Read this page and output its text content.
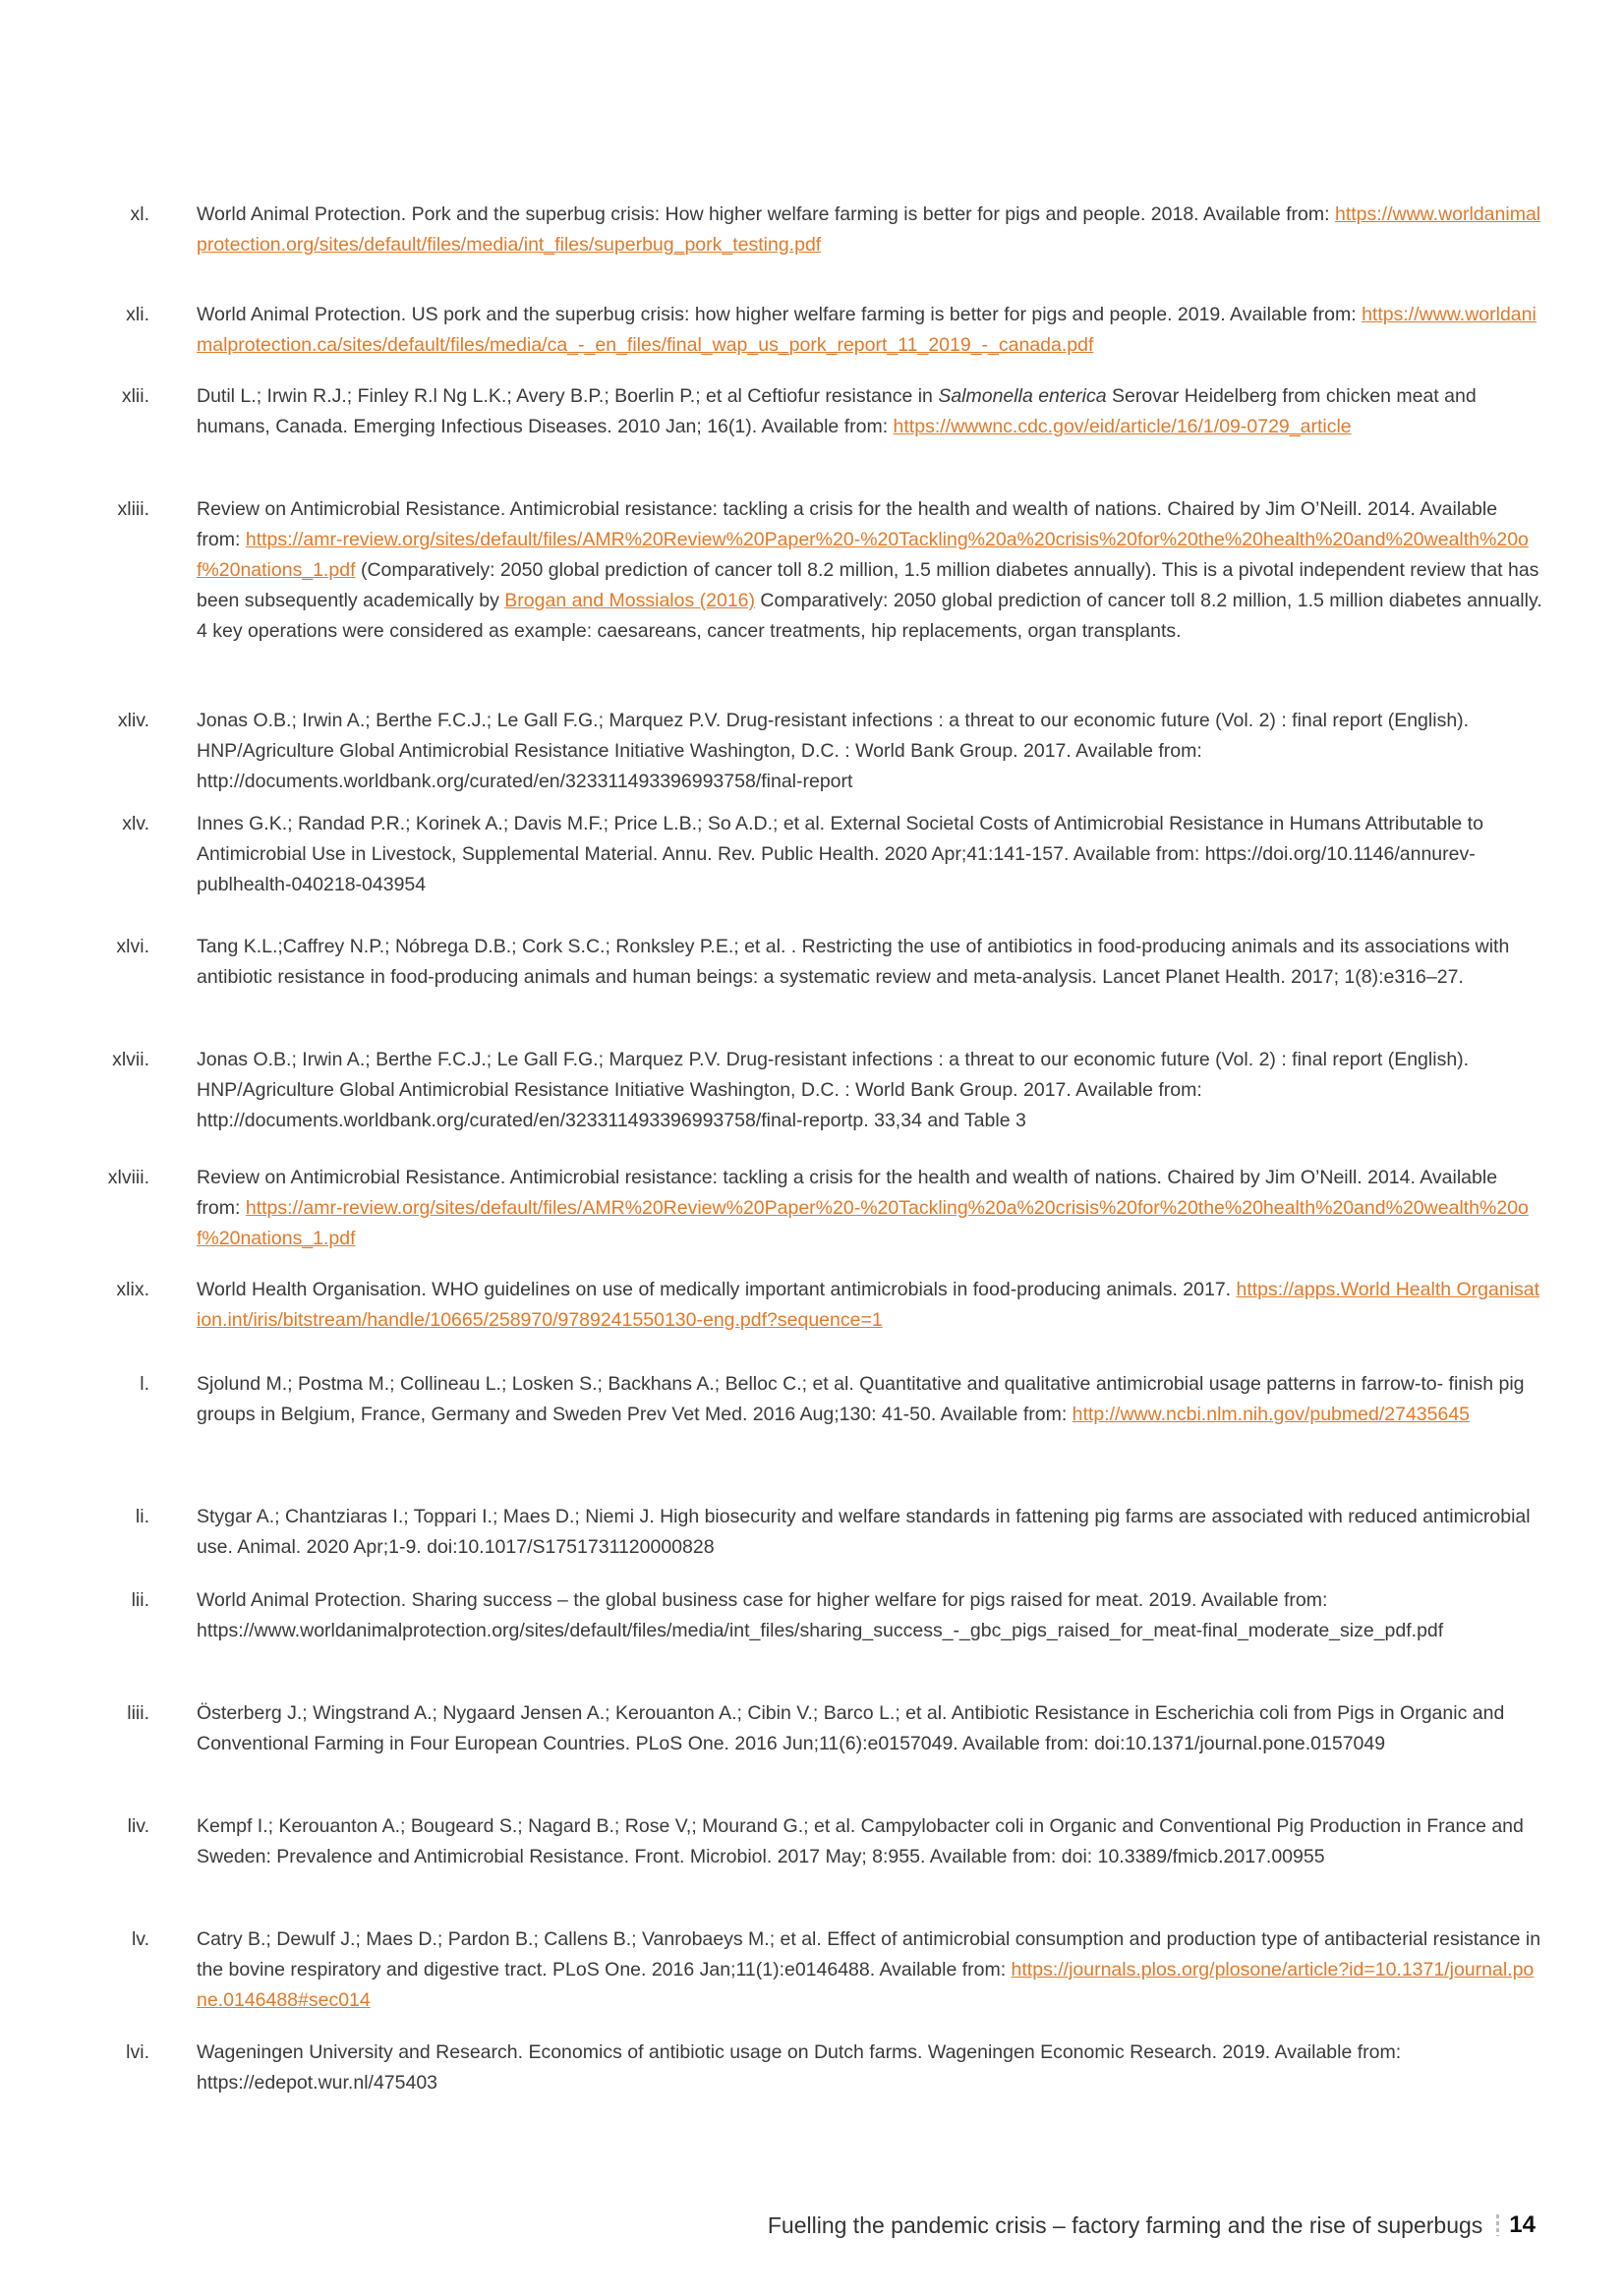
xl. World Animal Protection. Pork and the superbug crisis: How higher welfare farming is better for pigs and people. 2018. Available from: https://www.worldanimalprotection.org/sites/default/files/media/int_files/superbug_pork_testing.pdf
xli. World Animal Protection. US pork and the superbug crisis: how higher welfare farming is better for pigs and people. 2019. Available from: https://www.worldanimalprotection.ca/sites/default/files/media/ca_-_en_files/final_wap_us_pork_report_11_2019_-_canada.pdf
xlii. Dutil L.; Irwin R.J.; Finley R.l Ng L.K.; Avery B.P.; Boerlin P.; et al Ceftiofur resistance in Salmonella enterica Serovar Heidelberg from chicken meat and humans, Canada. Emerging Infectious Diseases. 2010 Jan; 16(1). Available from: https://wwwnc.cdc.gov/eid/article/16/1/09-0729_article
xliii. Review on Antimicrobial Resistance. Antimicrobial resistance: tackling a crisis for the health and wealth of nations. Chaired by Jim O’Neill. 2014. Available from: https://amr-review.org/sites/default/files/AMR%20Review%20Paper%20-%20Tackling%20a%20crisis%20for%20the%20health%20and%20wealth%20of%20nations_1.pdf (Comparatively: 2050 global prediction of cancer toll 8.2 million, 1.5 million diabetes annually). This is a pivotal independent review that has been subsequently academically by Brogan and Mossialos (2016) Comparatively: 2050 global prediction of cancer toll 8.2 million, 1.5 million diabetes annually. 4 key operations were considered as example: caesareans, cancer treatments, hip replacements, organ transplants.
xliv. Jonas O.B.; Irwin A.; Berthe F.C.J.; Le Gall F.G.; Marquez P.V. Drug-resistant infections : a threat to our economic future (Vol. 2) : final report (English). HNP/Agriculture Global Antimicrobial Resistance Initiative Washington, D.C. : World Bank Group. 2017. Available from: http://documents.worldbank.org/curated/en/323311493396993758/final-report
xlv. Innes G.K.; Randad P.R.; Korinek A.; Davis M.F.; Price L.B.; So A.D.; et al. External Societal Costs of Antimicrobial Resistance in Humans Attributable to Antimicrobial Use in Livestock, Supplemental Material. Annu. Rev. Public Health. 2020 Apr;41:141-157. Available from: https://doi.org/10.1146/annurev-publhealth-040218-043954
xlvi. Tang K.L.;Caffrey N.P.; Nóbrega D.B.; Cork S.C.; Ronksley P.E.; et al. . Restricting the use of antibiotics in food-producing animals and its associations with antibiotic resistance in food-producing animals and human beings: a systematic review and meta-analysis. Lancet Planet Health. 2017; 1(8):e316–27.
xlvii. Jonas O.B.; Irwin A.; Berthe F.C.J.; Le Gall F.G.; Marquez P.V. Drug-resistant infections : a threat to our economic future (Vol. 2) : final report (English). HNP/Agriculture Global Antimicrobial Resistance Initiative Washington, D.C. : World Bank Group. 2017. Available from: http://documents.worldbank.org/curated/en/323311493396993758/final-reportp. 33,34 and Table 3
xlviii. Review on Antimicrobial Resistance. Antimicrobial resistance: tackling a crisis for the health and wealth of nations. Chaired by Jim O’Neill. 2014. Available from: https://amr-review.org/sites/default/files/AMR%20Review%20Paper%20-%20Tackling%20a%20crisis%20for%20the%20health%20and%20wealth%20of%20nations_1.pdf
xlix. World Health Organisation. WHO guidelines on use of medically important antimicrobials in food-producing animals. 2017. https://apps.World Health Organisation.int/iris/bitstream/handle/10665/258970/9789241550130-eng.pdf?sequence=1
l. Sjolund M.; Postma M.; Collineau L.; Losken S.; Backhans A.; Belloc C.; et al. Quantitative and qualitative antimicrobial usage patterns in farrow-to- finish pig groups in Belgium, France, Germany and Sweden Prev Vet Med. 2016 Aug;130: 41-50. Available from: http://www.ncbi.nlm.nih.gov/pubmed/27435645
li. Stygar A.; Chantziaras I.; Toppari I.; Maes D.; Niemi J. High biosecurity and welfare standards in fattening pig farms are associated with reduced antimicrobial use. Animal. 2020 Apr;1-9. doi:10.1017/S1751731120000828
lii. World Animal Protection. Sharing success – the global business case for higher welfare for pigs raised for meat. 2019. Available from: https://www.worldanimalprotection.org/sites/default/files/media/int_files/sharing_success_-_gbc_pigs_raised_for_meat-final_moderate_size_pdf.pdf
liii. Österberg J.; Wingstrand A.; Nygaard Jensen A.; Kerouanton A.; Cibin V.; Barco L.; et al. Antibiotic Resistance in Escherichia coli from Pigs in Organic and Conventional Farming in Four European Countries. PLoS One. 2016 Jun;11(6):e0157049. Available from: doi:10.1371/journal.pone.0157049
liv. Kempf I.; Kerouanton A.; Bougeard S.; Nagard B.; Rose V,; Mourand G.; et al. Campylobacter coli in Organic and Conventional Pig Production in France and Sweden: Prevalence and Antimicrobial Resistance. Front. Microbiol. 2017 May; 8:955. Available from: doi: 10.3389/fmicb.2017.00955
lv. Catry B.; Dewulf J.; Maes D.; Pardon B.; Callens B.; Vanrobaeys M.; et al. Effect of antimicrobial consumption and production type of antibacterial resistance in the bovine respiratory and digestive tract. PLoS One. 2016 Jan;11(1):e0146488. Available from: https://journals.plos.org/plosone/article?id=10.1371/journal.pone.0146488#sec014
lvi. Wageningen University and Research. Economics of antibiotic usage on Dutch farms. Wageningen Economic Research. 2019. Available from: https://edepot.wur.nl/475403
Fuelling the pandemic crisis – factory farming and the rise of superbugs 14
